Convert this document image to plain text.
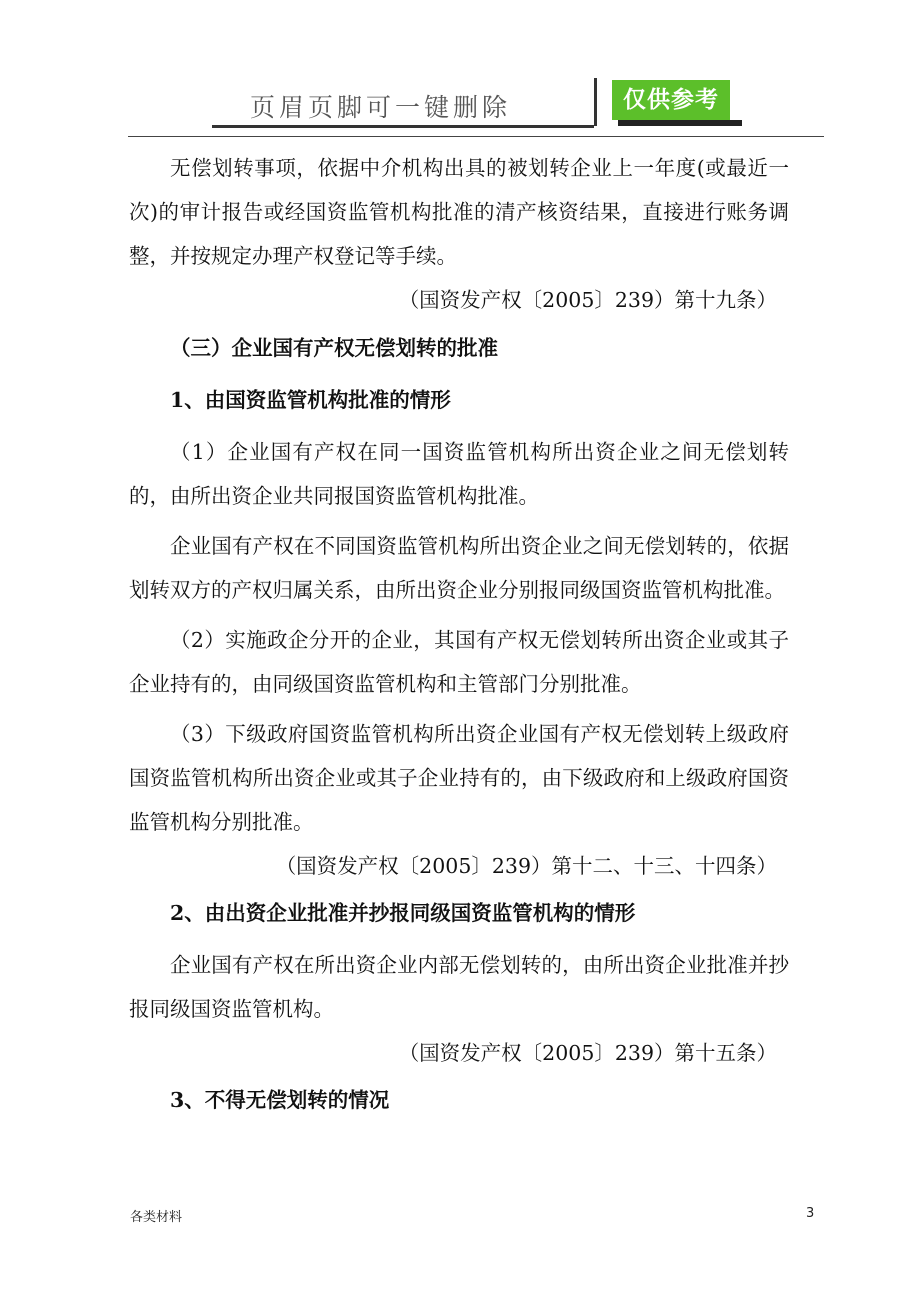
页眉页脚可一键删除	仅供参考

无偿划转事项，依据中介机构出具的被划转企业上一年度(或最近一次)的审计报告或经国资监管机构批准的清产核资结果，直接进行账务调整，并按规定办理产权登记等手续。

（国资发产权〔2005〕239）第十九条）

（三）企业国有产权无偿划转的批准

1、由国资监管机构批准的情形

（1）企业国有产权在同一国资监管机构所出资企业之间无偿划转的，由所出资企业共同报国资监管机构批准。

企业国有产权在不同国资监管机构所出资企业之间无偿划转的，依据划转双方的产权归属关系，由所出资企业分别报同级国资监管机构批准。

（2）实施政企分开的企业，其国有产权无偿划转所出资企业或其子企业持有的，由同级国资监管机构和主管部门分别批准。

（3）下级政府国资监管机构所出资企业国有产权无偿划转上级政府国资监管机构所出资企业或其子企业持有的，由下级政府和上级政府国资监管机构分别批准。

（国资发产权〔2005〕239）第十二、十三、十四条）

2、由出资企业批准并抄报同级国资监管机构的情形

企业国有产权在所出资企业内部无偿划转的，由所出资企业批准并抄报同级国资监管机构。

（国资发产权〔2005〕239）第十五条）

3、不得无偿划转的情况

各类材料	3
